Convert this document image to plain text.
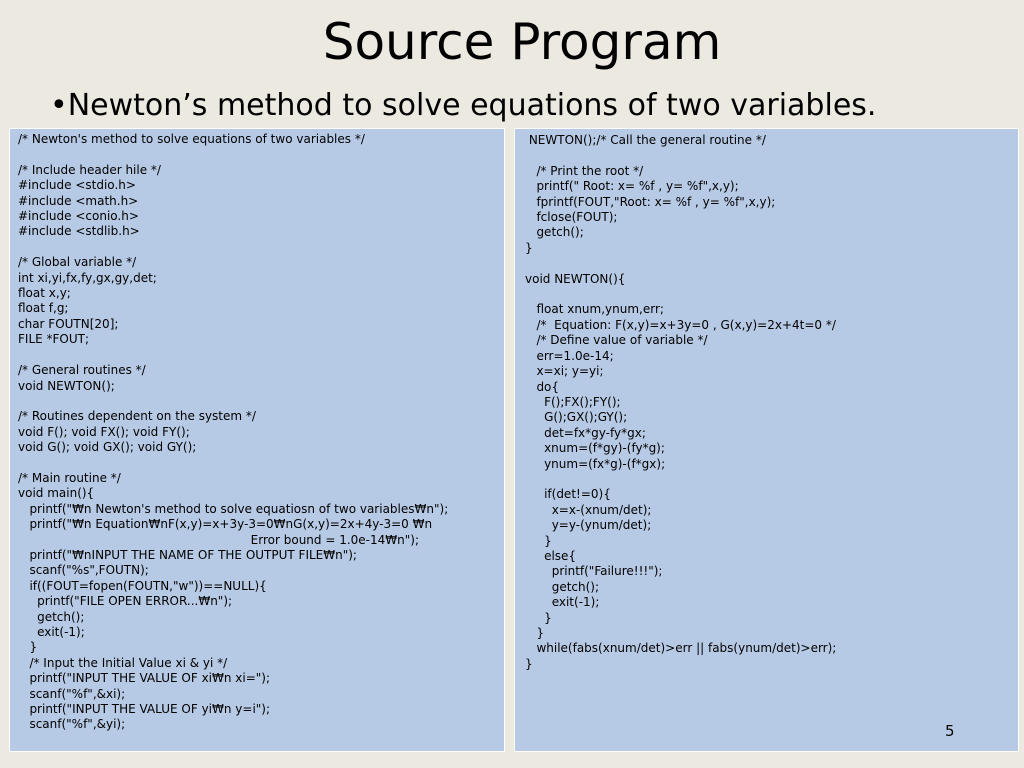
Source Program

•Newton’s method to solve equations of two variables.

/* Newton's method to solve equations of two variables */

/* Include header hile */
#include <stdio.h>
#include <math.h>
#include <conio.h>
#include <stdlib.h>

/* Global variable */
int xi,yi,fx,fy,gx,gy,det;
float x,y;
float f,g;
char FOUTN[20];
FILE *FOUT;

/* General routines */
void NEWTON();

/* Routines dependent on the system */
void F(); void FX(); void FY();
void G(); void GX(); void GY();

/* Main routine */
void main(){
printf("₩n Newton's method to solve equatiosn of two variables₩n");
printf("₩n Equation₩nF(x,y)=x+3y-3=0₩nG(x,y)=2x+4y-3=0 ₩n
Error bound = 1.0e-14₩n");
printf("₩nINPUT THE NAME OF THE OUTPUT FILE₩n");
scanf("%s",FOUTN);
if((FOUT=fopen(FOUTN,"w"))==NULL){
printf("FILE OPEN ERROR...₩n");
getch();
exit(-1);
}
/* Input the Initial Value xi & yi */
printf("INPUT THE VALUE OF xi₩n xi=");
scanf("%f",&xi);
printf("INPUT THE VALUE OF yi₩n y=i");
scanf("%f",&yi);
NEWTON();/* Call the general routine */

/* Print the root */
printf(" Root: x= %f , y= %f",x,y);
fprintf(FOUT,"Root: x= %f , y= %f",x,y);
fclose(FOUT);
getch();
}

void NEWTON(){

float xnum,ynum,err;
/*  Equation: F(x,y)=x+3y=0 , G(x,y)=2x+4t=0 */
/* Define value of variable */
err=1.0e-14;
x=xi; y=yi;
do{
F();FX();FY();
G();GX();GY();
det=fx*gy-fy*gx;
xnum=(f*gy)-(fy*g);
ynum=(fx*g)-(f*gx);

if(det!=0){
x=x-(xnum/det);
y=y-(ynum/det);
}
else{
printf("Failure!!!");
getch();
exit(-1);
}
}
while(fabs(xnum/det)>err || fabs(ynum/det)>err);
}
5
